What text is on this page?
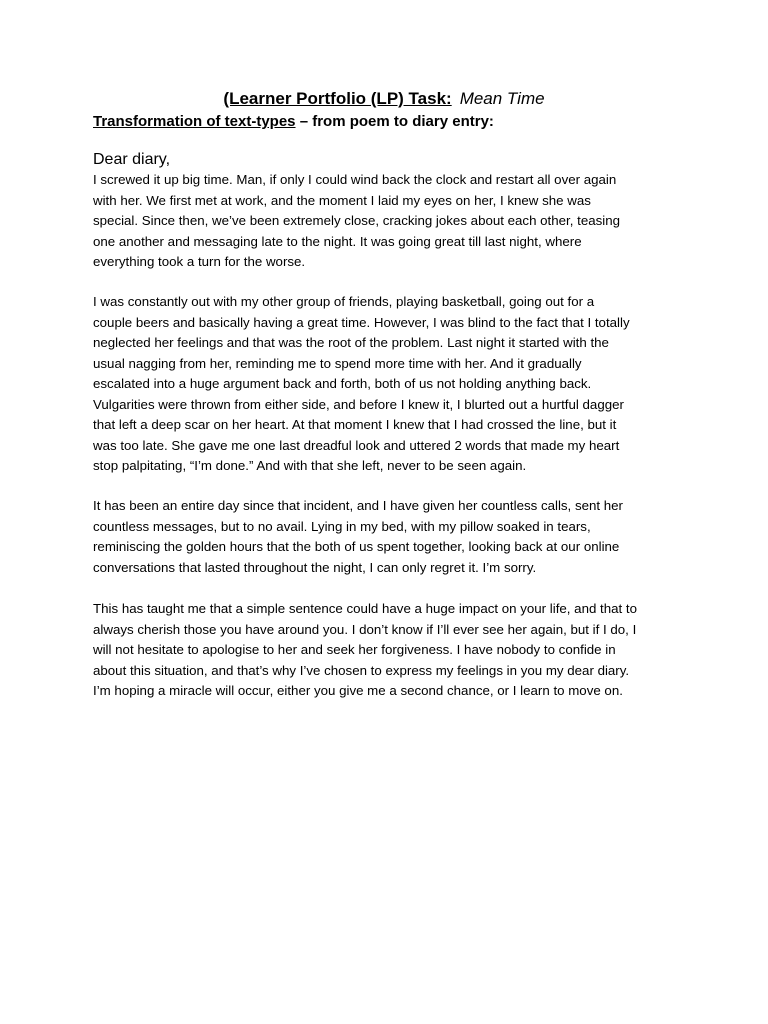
(Learner Portfolio (LP) Task: Mean Time
Transformation of text-types – from poem to diary entry:
Dear diary,
I screwed it up big time. Man, if only I could wind back the clock and restart all over again
with her. We first met at work, and the moment I laid my eyes on her, I knew she was
special. Since then, we’ve been extremely close, cracking jokes about each other, teasing
one another and messaging late to the night. It was going great till last night, where
everything took a turn for the worse.
I was constantly out with my other group of friends, playing basketball, going out for a
couple beers and basically having a great time. However, I was blind to the fact that I totally
neglected her feelings and that was the root of the problem. Last night it started with the
usual nagging from her, reminding me to spend more time with her. And it gradually
escalated into a huge argument back and forth, both of us not holding anything back.
Vulgarities were thrown from either side, and before I knew it, I blurted out a hurtful dagger
that left a deep scar on her heart. At that moment I knew that I had crossed the line, but it
was too late. She gave me one last dreadful look and uttered 2 words that made my heart
stop palpitating, “I’m done.” And with that she left, never to be seen again.
It has been an entire day since that incident, and I have given her countless calls, sent her
countless messages, but to no avail. Lying in my bed, with my pillow soaked in tears,
reminiscing the golden hours that the both of us spent together, looking back at our online
conversations that lasted throughout the night, I can only regret it. I’m sorry.
This has taught me that a simple sentence could have a huge impact on your life, and that to
always cherish those you have around you. I don’t know if I’ll ever see her again, but if I do, I
will not hesitate to apologise to her and seek her forgiveness. I have nobody to confide in
about this situation, and that’s why I’ve chosen to express my feelings in you my dear diary.
I’m hoping a miracle will occur, either you give me a second chance, or I learn to move on.
